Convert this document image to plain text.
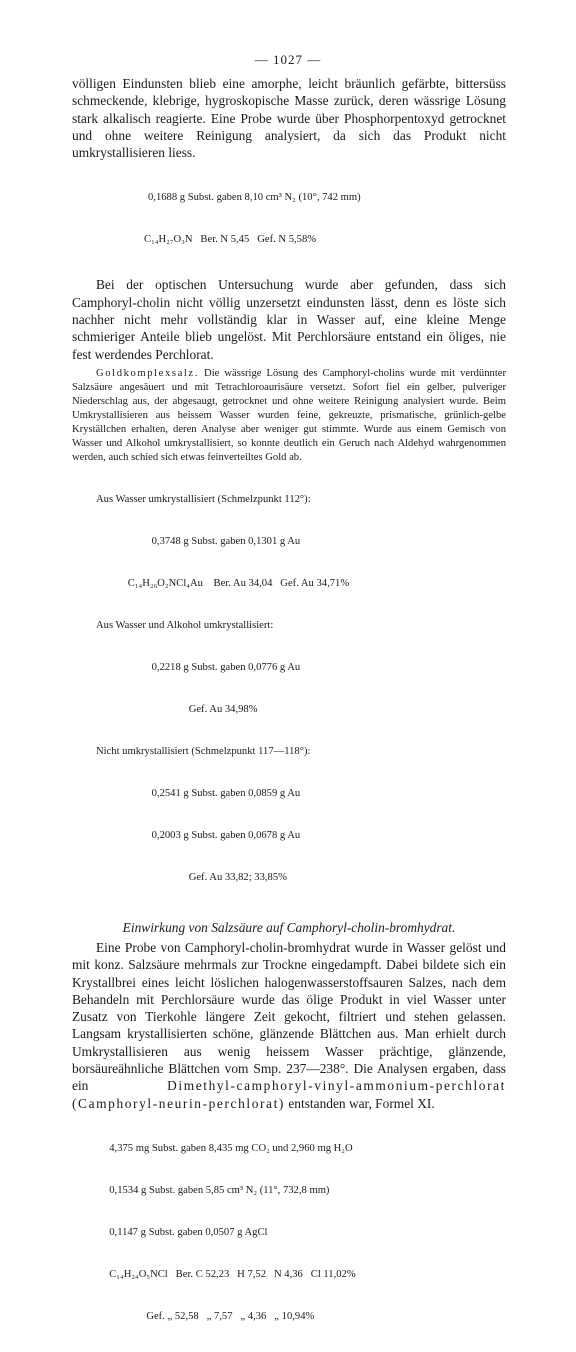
— 1027 —

völligen Eindunsten blieb eine amorphe, leicht bräunlich gefärbte, bittersüss schmeckende, klebrige, hygroskopische Masse zurück, deren wässrige Lösung stark alkalisch reagierte. Eine Probe wurde über Phosphorpentoxyd getrocknet und ohne weitere Reinigung analysiert, da sich das Produkt nicht umkrystallisieren liess.

0,1688 g Subst. gaben 8,10 cm³ N₂ (10°, 742 mm)

C₁₄H₂₇O₃N   Ber. N 5,45   Gef. N 5,58%

Bei der optischen Untersuchung wurde aber gefunden, dass sich Camphoryl-cholin nicht völlig unzersetzt eindunsten lässt, denn es löste sich nachher nicht mehr vollständig klar in Wasser auf, eine kleine Menge schmieriger Anteile blieb ungelöst. Mit Perchlorsäure entstand ein öliges, nie fest werdendes Perchlorat.

Goldkomplexsalz. Die wässrige Lösung des Camphoryl-cholins wurde mit verdünnter Salzsäure angesäuert und mit Tetrachloroaurisäure versetzt. Sofort fiel ein gelber, pulveriger Niederschlag aus, der abgesaugt, getrocknet und ohne weitere Reinigung analysiert wurde. Beim Umkrystallisieren aus heissem Wasser wurden feine, gekreuzte, prismatische, grünlich-gelbe Kryställchen erhalten, deren Analyse aber weniger gut stimmte. Wurde aus einem Gemisch von Wasser und Alkohol umkrystallisiert, so konnte deutlich ein Geruch nach Aldehyd wahrgenommen werden, auch schied sich etwas feinverteiltes Gold ab.

Aus Wasser umkrystallisiert (Schmelzpunkt 112°):

0,3748 g Subst. gaben 0,1301 g Au

C₁₄H₂₆O₂NCl₄Au    Ber. Au 34,04   Gef. Au 34,71%

Aus Wasser und Alkohol umkrystallisiert:

0,2218 g Subst. gaben 0,0776 g Au

Gef. Au 34,98%

Nicht umkrystallisiert (Schmelzpunkt 117—118°):

0,2541 g Subst. gaben 0,0859 g Au

0,2003 g Subst. gaben 0,0678 g Au

Gef. Au 33,82; 33,85%

Einwirkung von Salzsäure auf Camphoryl-cholin-bromhydrat.

Eine Probe von Camphoryl-cholin-bromhydrat wurde in Wasser gelöst und mit konz. Salzsäure mehrmals zur Trockne eingedampft. Dabei bildete sich ein Krystallbrei eines leicht löslichen halogenwasserstoffsauren Salzes, nach dem Behandeln mit Perchlorsäure wurde das ölige Produkt in viel Wasser unter Zusatz von Tierkohle längere Zeit gekocht, filtriert und stehen gelassen. Langsam krystallisierten schöne, glänzende Blättchen aus. Man erhielt durch Umkrystallisieren aus wenig heissem Wasser prächtige, glänzende, borsäureähnliche Blättchen vom Smp. 237—238°. Die Analysen ergaben, dass ein Dimethyl-camphoryl-vinyl-ammonium-perchlorat (Camphoryl-neurin-perchlorat) entstanden war, Formel XI.

4,375 mg Subst. gaben 8,435 mg CO₂ und 2,960 mg H₂O

0,1534 g Subst. gaben 5,85 cm³ N₂ (11°, 732,8 mm)

0,1147 g Subst. gaben 0,0507 g AgCl

C₁₄H₂₄O₅NCl   Ber. C 52,23   H 7,52   N 4,36   Cl 11,02%

Gef. „ 52,58   „ 7,57   „ 4,36   „ 10,94%
